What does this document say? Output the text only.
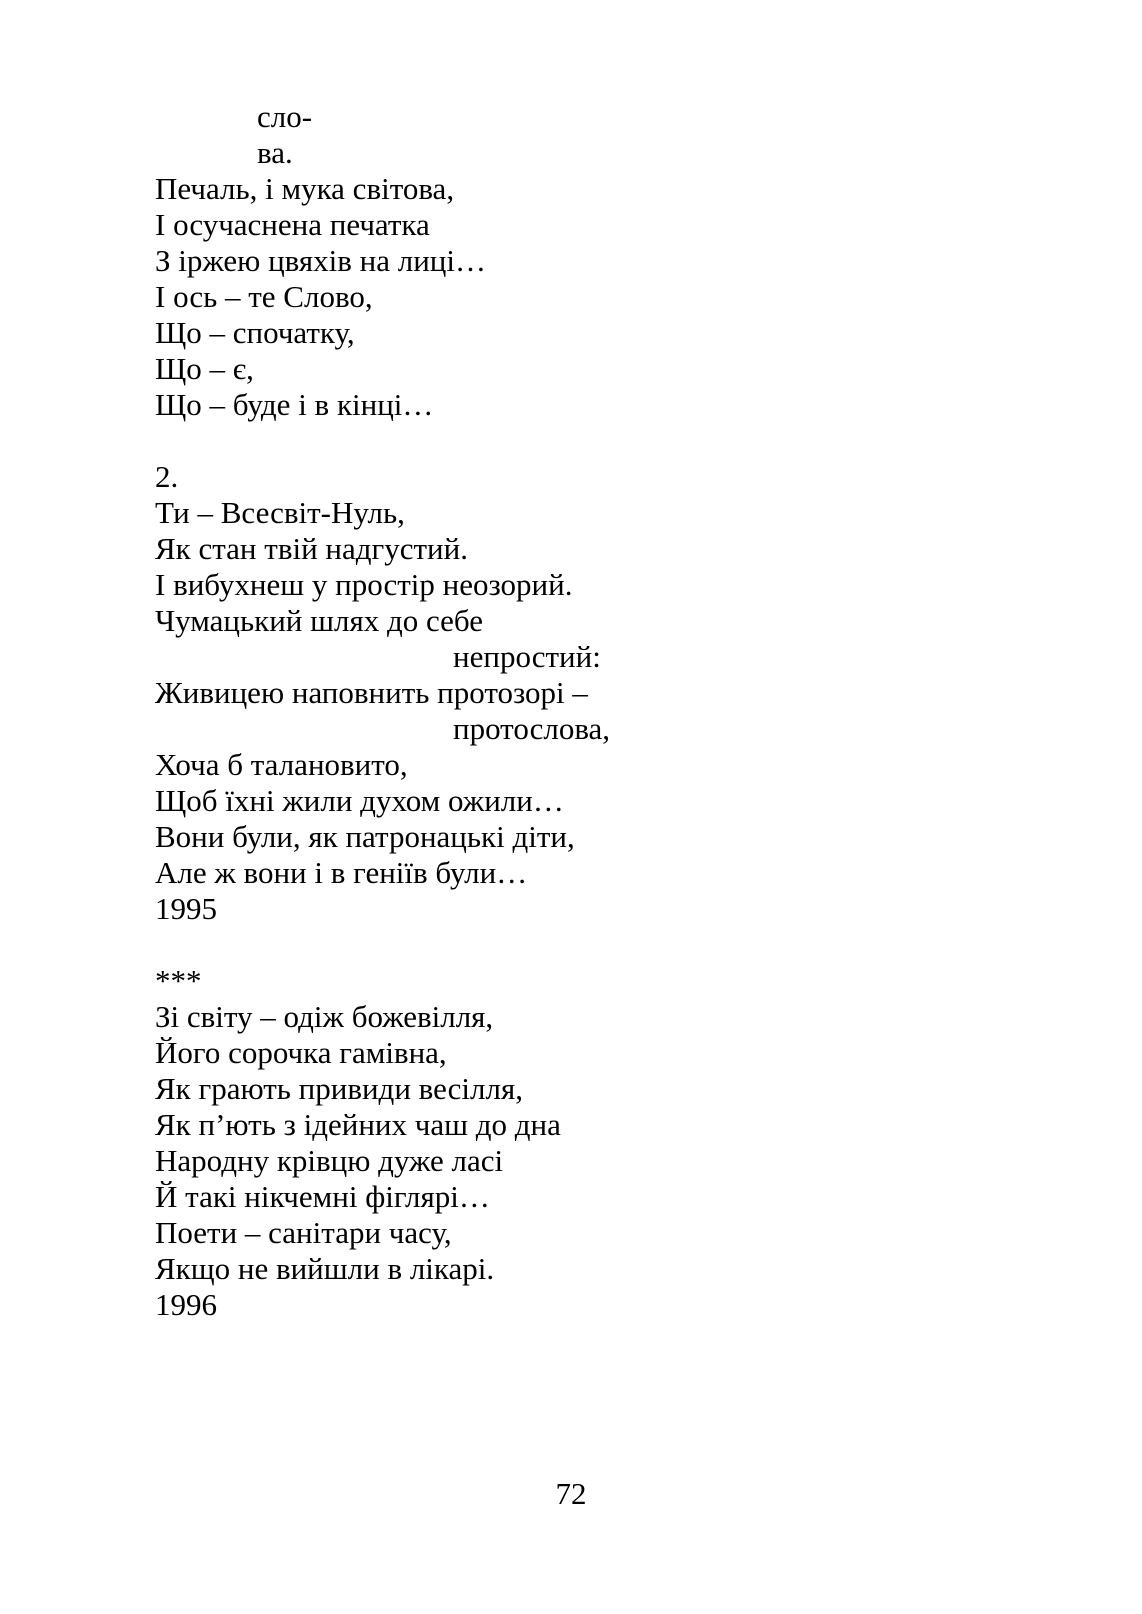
сло-
ва.
Печаль, і мука світова,
І осучаснена печатка
З іржею цвяхів на лиці…
І ось – те Слово,
Що – спочатку,
Що – є,
Що – буде і в кінці…
2.
Ти – Всесвіт-Нуль,
Як стан твій надгустий.
І вибухнеш у простір неозорий.
Чумацький шлях до себе
непростий:
Живицею наповнить протозорі –
протослова,
Хоча б талановито,
Щоб їхні жили духом ожили…
Вони були, як патронацькі діти,
Але ж вони і в геніїв були…
1995
***
Зі світу – одіж божевілля,
Його сорочка гамівна,
Як грають привиди весілля,
Як п’ють з ідейних чаш до дна
Народну крівцю дуже ласі
Й такі нікчемні фіглярі…
Поети – санітари часу,
Якщо не вийшли в лікарі.
1996
72
